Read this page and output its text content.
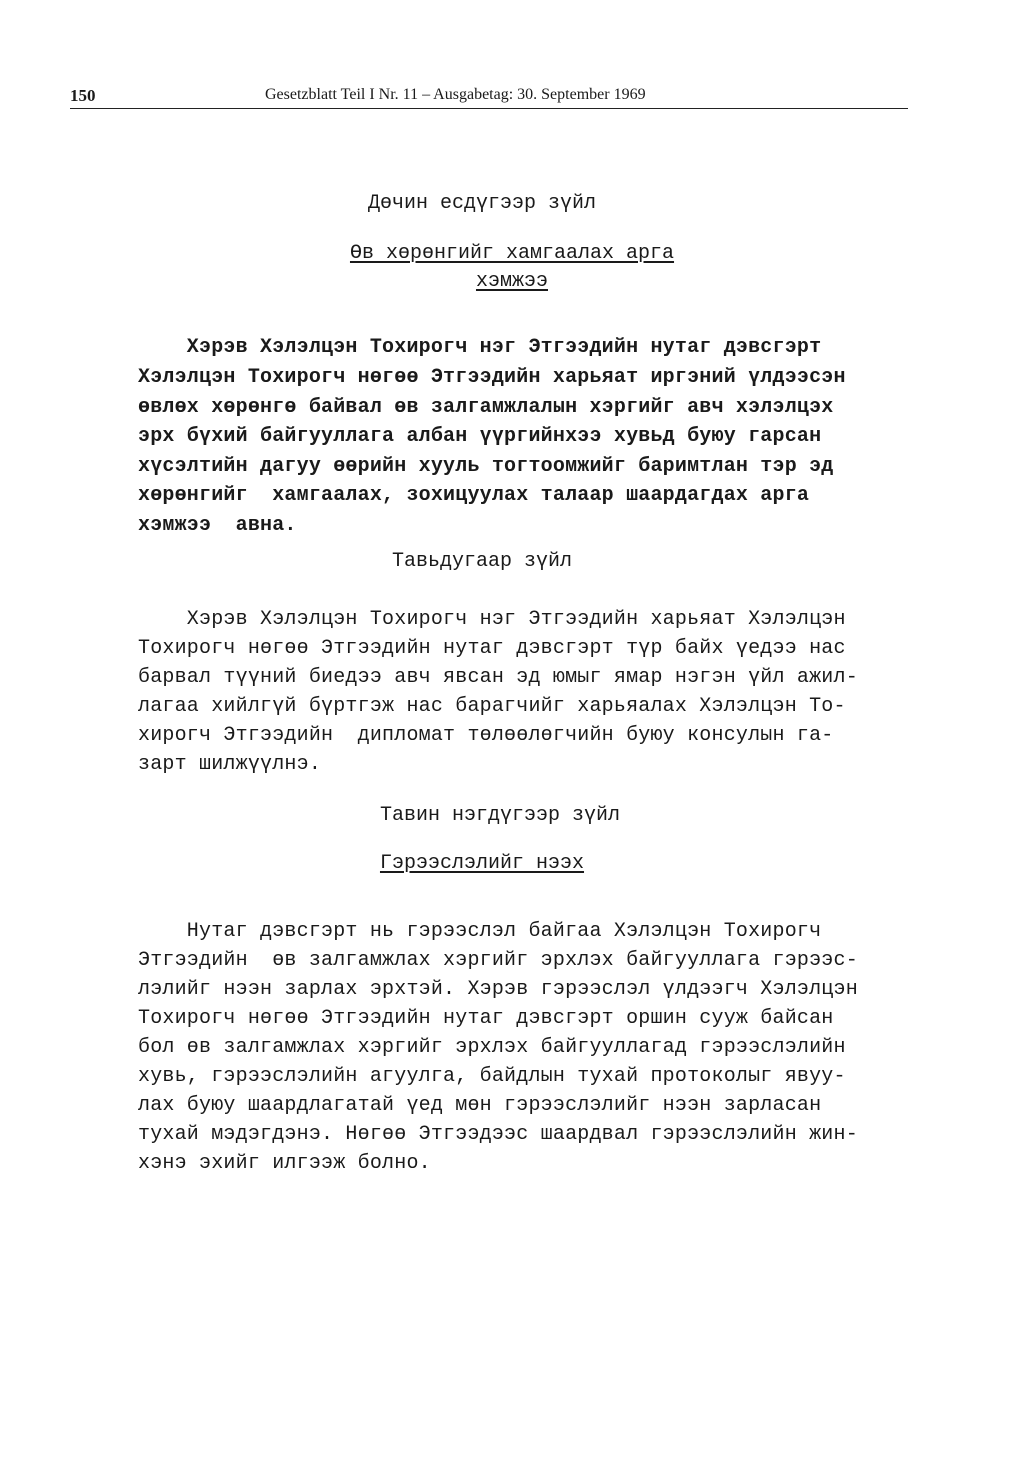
150	Gesetzblatt Teil I Nr. 11 – Ausgabetag: 30. September 1969
Дөчин есдүгээр зүйл
Өв хөрөнгийг хамгаалах арга
хэмжээ
Хэрэв Хэлэлцэн Тохирогч нэг Этгээдийн нутаг дэвсгэрт
Хэлэлцэн Тохирогч нөгөө Этгээдийн харьяат иргэний үлдээсэн
өвлөх хөрөнгө байвал өв залгамжлалын хэргийг авч хэлэлцэх
эрх бүхий байгууллага албан үүргийнхээ хувьд буюу гарсан
хүсэлтийн дагуу өөрийн хууль тогтоомжийг баримтлан тэр эд
хөрөнгийг  хамгаалах, зохицуулах талаар шаардагдах арга
хэмжээ  авна.
Тавьдугаар зүйл
Хэрэв Хэлэлцэн Тохирогч нэг Этгээдийн харьяат Хэлэлцэн
Тохирогч нөгөө Этгээдийн нутаг дэвсгэрт түр байх үедээ нас
барвал түүний биедээ авч явсан эд юмыг ямар нэгэн үйл ажил-
лагаа хийлгүй бүртгэж нас барагчийг харьяалах Хэлэлцэн То-
хирогч Этгээдийн  дипломат төлөөлөгчийн буюу консулын га-
зарт шилжүүлнэ.
Тавин нэгдүгээр зүйл
Гэрээслэлийг нээх
Нутаг дэвсгэрт нь гэрээслэл байгаа Хэлэлцэн Тохирогч
Этгээдийн  өв залгамжлах хэргийг эрхлэх байгууллага гэрээс-
лэлийг нээн зарлах эрхтэй. Хэрэв гэрээслэл үлдээгч Хэлэлцэн
Тохирогч нөгөө Этгээдийн нутаг дэвсгэрт оршин сууж байсан
бол өв залгамжлах хэргийг эрхлэх байгууллагад гэрээслэлийн
хувь, гэрээслэлийн агуулга, байдлын тухай протоколыг явуу-
лах буюу шаардлагатай үед мөн гэрээслэлийг нээн зарласан
тухай мэдэгдэнэ. Нөгөө Этгээдээс шаардвал гэрээслэлийн жин-
хэнэ эхийг илгээж болно.
